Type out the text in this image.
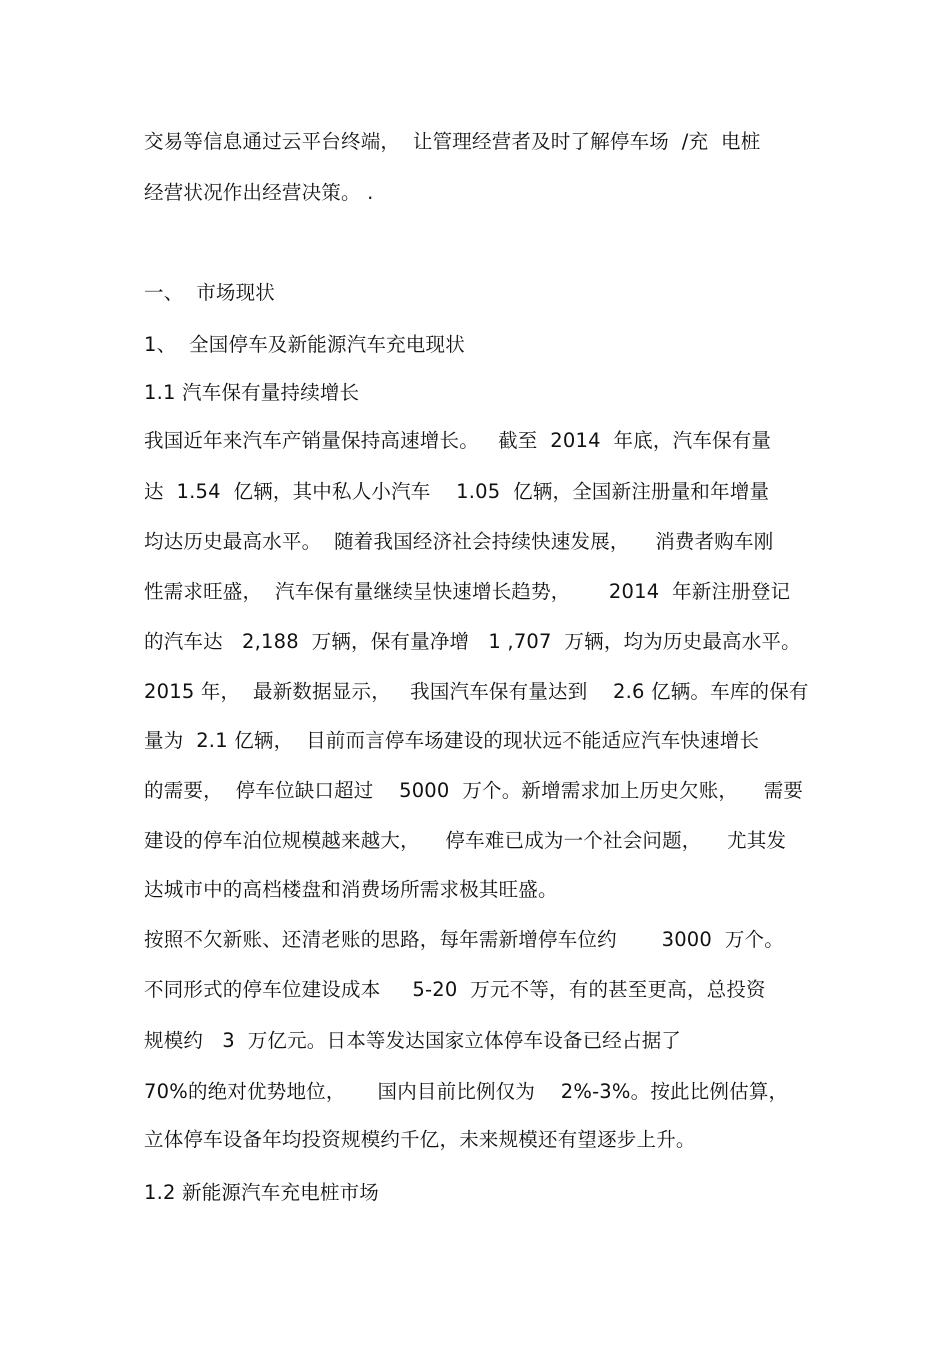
交易等信息通过云平台终端，  让管理经营者及时了解停车场  /充  电桩
经营状况作出经营决策。 .
一、  市场现状
1、  全国停车及新能源汽车充电现状
1.1 汽车保有量持续增长
我国近年来汽车产销量保持高速增长。   截至  2014  年底，汽车保有量
达  1.54  亿辆，其中私人小汽车    1.05  亿辆，全国新注册量和年增量
均达历史最高水平。  随着我国经济社会持续快速发展，    消费者购车刚
性需求旺盛，  汽车保有量继续呈快速增长趋势，      2014  年新注册登记
的汽车达   2,188  万辆，保有量净增   1 ,707  万辆，均为历史最高水平。
2015 年，  最新数据显示，   我国汽车保有量达到    2.6 亿辆。车库的保有
量为  2.1 亿辆，  目前而言停车场建设的现状远不能适应汽车快速增长
的需要，  停车位缺口超过    5000  万个。新增需求加上历史欠账，    需要
建设的停车泊位规模越来越大，    停车难已成为一个社会问题，    尤其发
达城市中的高档楼盘和消费场所需求极其旺盛。
按照不欠新账、还清老账的思路，每年需新增停车位约       3000  万个。
不同形式的停车位建设成本     5-20  万元不等，有的甚至更高，总投资
规模约   3  万亿元。日本等发达国家立体停车设备已经占据了
70%的绝对优势地位，     国内目前比例仅为    2%-3%。按此比例估算，
立体停车设备年均投资规模约千亿，未来规模还有望逐步上升。
1.2 新能源汽车充电桩市场
